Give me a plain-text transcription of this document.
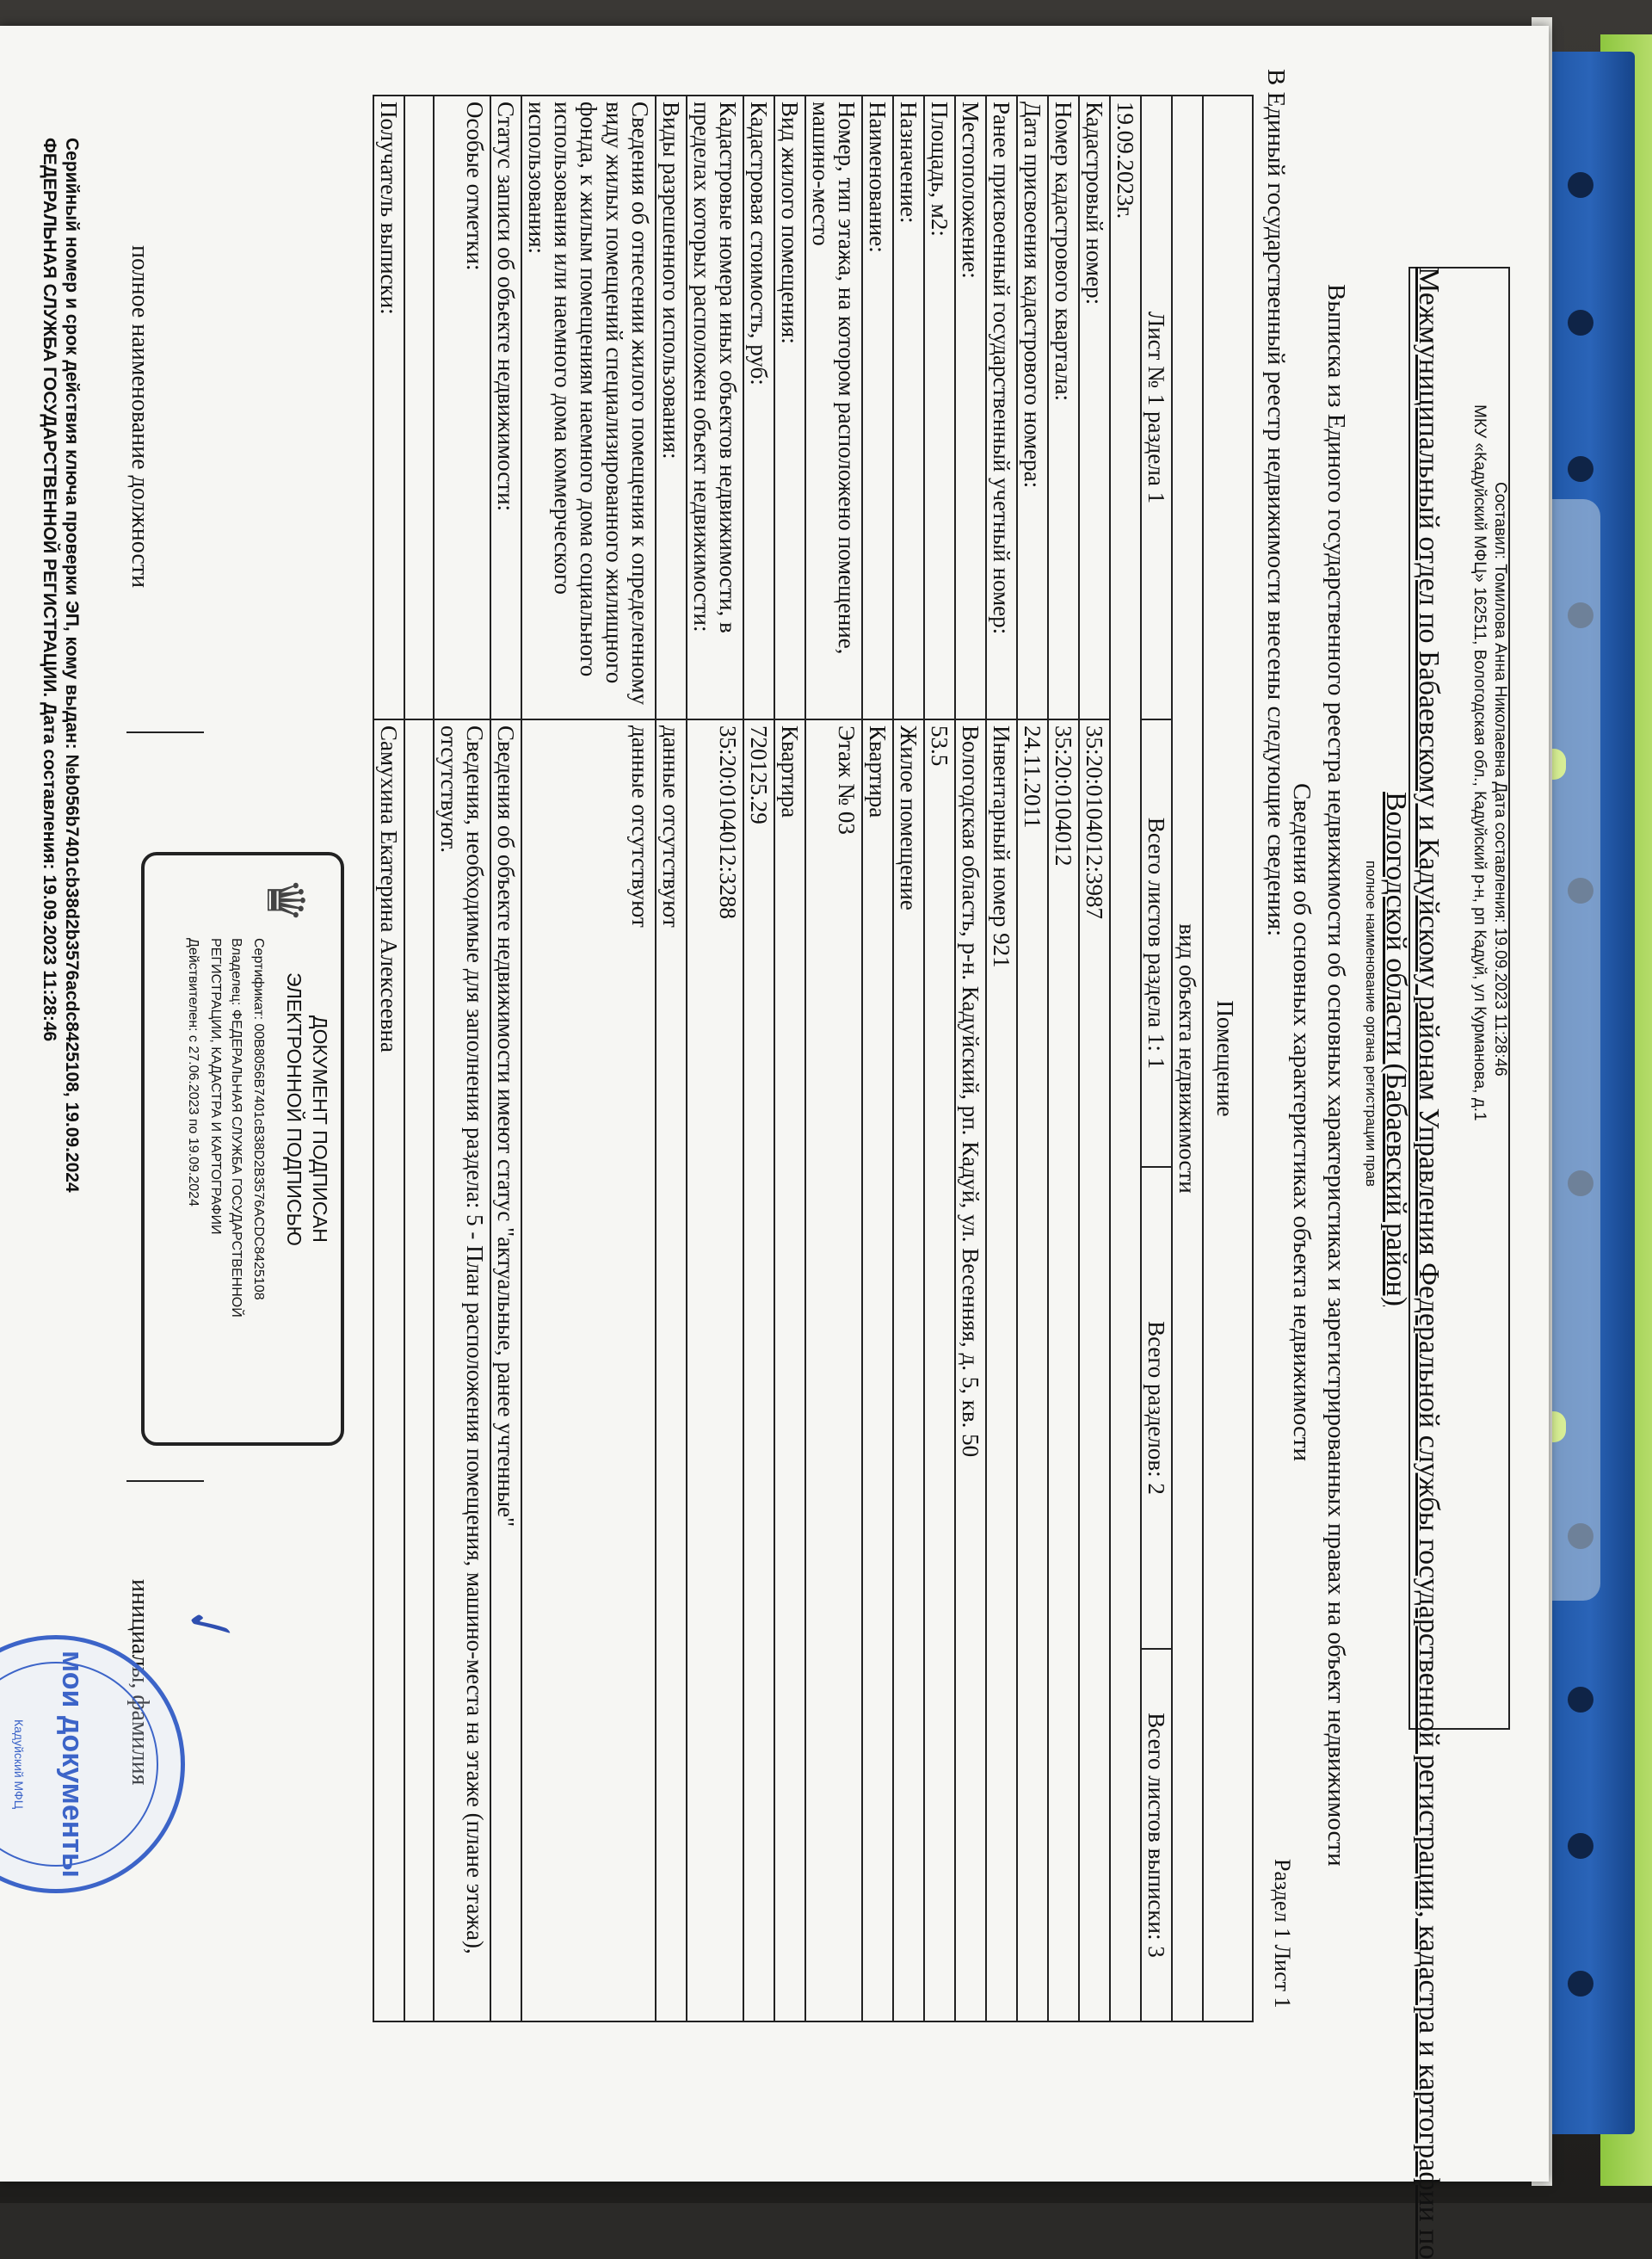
Составил: Томилова Анна Николаевна Дата составления: 19.09.2023 11:28:46
МКУ «Кадуйский МФЦ» 162511, Вологодская обл., Кадуйский р-н, рп Кадуй, ул Курманова, д.1
Межмуниципальный отдел по Бабаевскому и Кадуйскому районам Управления Федеральной службы государственной регистрации, кадастра и картографии по
Вологодской области (Бабаевский район)
полное наименование органа регистрации прав
Выписка из Единого государственного реестра недвижимости об основных характеристиках и зарегистрированных правах на объект недвижимости
Сведения об основных характеристиках объекта недвижимости
В Единый государственный реестр недвижимости внесены следующие сведения:
Раздел 1 Лист 1
Помещение			
вид объекта недвижимости			
Лист № 1 раздела 1	Всего листов раздела 1: 1	Всего разделов: 2	Всего листов выписки: 3
19.09.2023г.			
Кадастровый номер:	35:20:0104012:3987		
Номер кадастрового квартала:	35:20:0104012		
Дата присвоения кадастрового номера:	24.11.2011		
Ранее присвоенный государственный учетный номер:	Инвентарный номер 921		
Местоположение:	Вологодская область, р-н. Кадуйский, рп. Кадуй, ул. Весенняя, д. 5, кв. 50		
Площадь, м2:	53.5		
Назначение:	Жилое помещение		
Наименование:	Квартира		
Номер, тип этажа, на котором расположено помещение, машино-место	Этаж № 03		
Вид жилого помещения:	Квартира		
Кадастровая стоимость, руб:	720125.29		
Кадастровые номера иных объектов недвижимости, в пределах которых расположен объект недвижимости:	35:20:0104012:3288		
Виды разрешенного использования:	данные отсутствуют		
Сведения об отнесении жилого помещения к определенному виду жилых помещений специализированного жилищного фонда, к жилым помещениям наемного дома социального использования или наемного дома коммерческого использования:	данные отсутствуют		
Статус записи об объекте недвижимости:	Сведения об объекте недвижимости имеют статус "актуальные, ранее учтенные"		
Особые отметки:	Сведения, необходимые для заполнения раздела: 5 - План расположения помещения, машино-места на этаже (плане этажа), отсутствуют.		

Получатель выписки:	Самухина Екатерина Алексеевна		
♛
ДОКУМЕНТ ПОДПИСАН
ЭЛЕКТРОННОЙ ПОДПИСЬЮ
Сертификат: 00B8056B7401cB38D2B3576ACDC8425108
Владелец: ФЕДЕРАЛЬНАЯ СЛУЖБА ГОСУДАРСТВЕННОЙ
РЕГИСТРАЦИИ, КАДАСТРА И КАРТОГРАФИИ
Действителен: с 27.06.2023 по 19.09.2024
полное наименование должности
инициалы, фамилия
Серийный номер и срок действия ключа проверки ЭП, кому выдан: №b056b7401cb38d2b3576acdc8425108, 19.09.2024
ФЕДЕРАЛЬНАЯ СЛУЖБА ГОСУДАРСТВЕННОЙ РЕГИСТРАЦИИ. Дата составления: 19.09.2023 11:28:46
✓
мои документы
Кадуйский МФЦ
